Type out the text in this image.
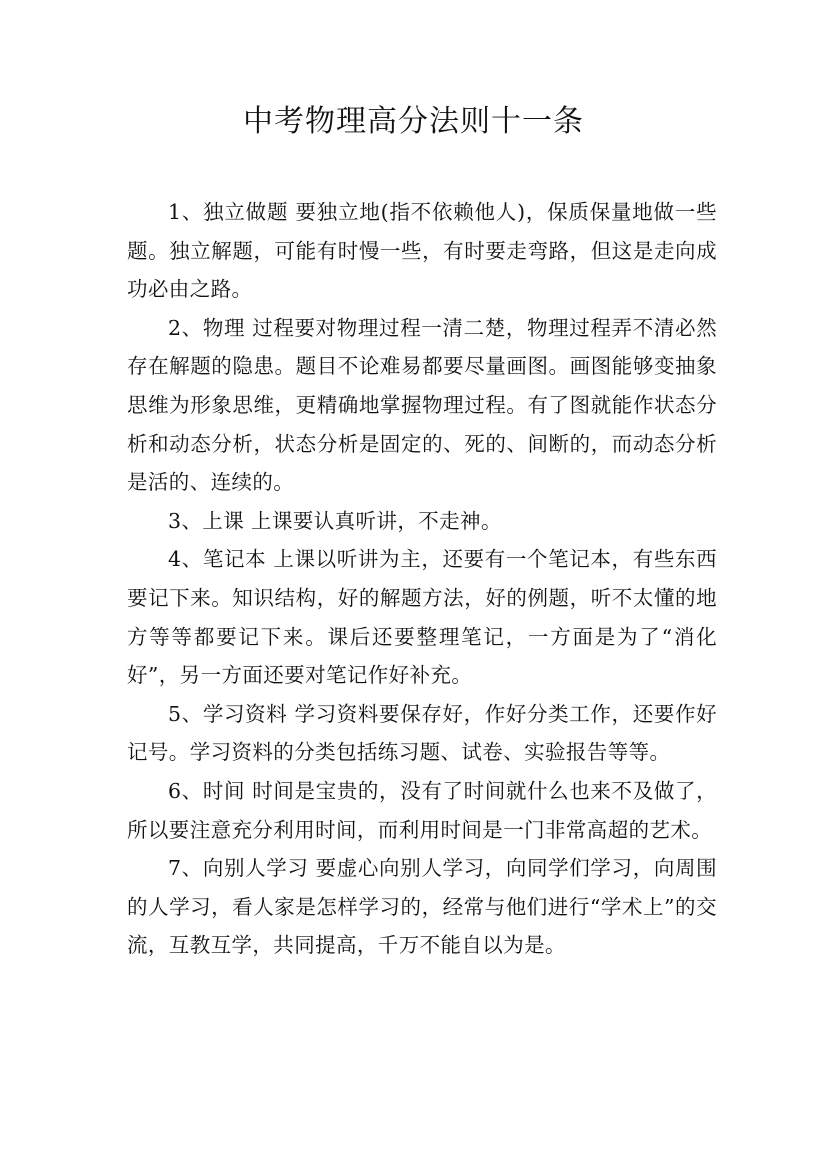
中考物理高分法则十一条

1、独立做题 要独立地(指不依赖他人)，保质保量地做一些题。独立解题，可能有时慢一些，有时要走弯路，但这是走向成功必由之路。

2、物理 过程要对物理过程一清二楚，物理过程弄不清必然存在解题的隐患。题目不论难易都要尽量画图。画图能够变抽象思维为形象思维，更精确地掌握物理过程。有了图就能作状态分析和动态分析，状态分析是固定的、死的、间断的，而动态分析是活的、连续的。

3、上课 上课要认真听讲，不走神。

4、笔记本 上课以听讲为主，还要有一个笔记本，有些东西要记下来。知识结构，好的解题方法，好的例题，听不太懂的地方等等都要记下来。课后还要整理笔记，一方面是为了“消化好”，另一方面还要对笔记作好补充。

5、学习资料 学习资料要保存好，作好分类工作，还要作好记号。学习资料的分类包括练习题、试卷、实验报告等等。

6、时间 时间是宝贵的，没有了时间就什么也来不及做了，所以要注意充分利用时间，而利用时间是一门非常高超的艺术。

7、向别人学习 要虚心向别人学习，向同学们学习，向周围的人学习，看人家是怎样学习的，经常与他们进行“学术上”的交流，互教互学，共同提高，千万不能自以为是。
